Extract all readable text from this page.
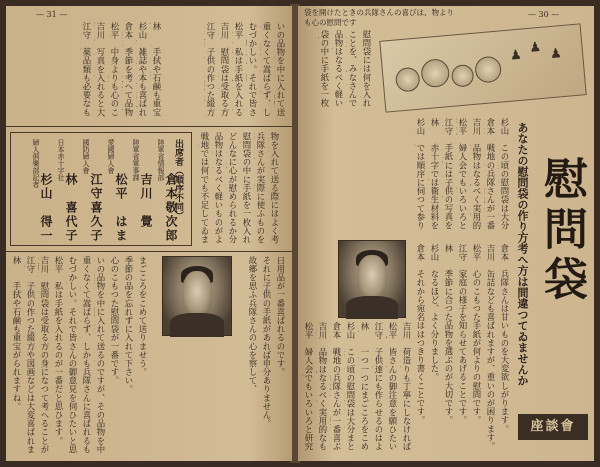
— 31 —
いの品物を中に入れて送
重くなくて嵩ばらず、し
むづかしい。それで皆さ
松平　私は手紙を入れる
吉川　慰問袋は受取る方
江守　子供の作つた綴方
林　　手拭や石鹸も重宝
杉山　雑誌や本も喜ばれ
倉本　季節を考へて品物
松平　中身よりも心のこ
吉川　写真を入れると大
江守　薬品類も必要なも
出席者（順序不同）
陸軍省情報部
倉本敬次郎
陸軍省軍事課
吉川　覺
愛國婦人會
松平　はま
國防婦人會
江守喜久子
日本赤十字社
林　喜代子
婦人俱樂部記者
杉山　得一
物を入れて送る際にはよく考
兵隊さんが実際に使ふものを
慰問袋の中に手紙を一枚入れ
どんなに心が慰められるか分
品物はなるべく軽いものがよ
戦地では何でも不足してゐま
日用品が一番喜ばれるのです。
それに子供の手紙があれば申分ありません。
故郷を思ふ兵隊さんの心を察して、
まごころをこめて送りませう。
季節の品を忘れずに入れて下さい。
心のこもつた慰問袋が一番です。
いの品物を中に入れて送るのですが、その品物を中
重くなくて嵩ばらず、しかも兵隊さんに喜ばれるも
むづかしい。それで皆さんの御意見を伺ひたいと思
松平　私は手紙を入れるのが一番だと思ひます。
吉川　慰問袋は受取る方の身になつて考へることが
江守　子供の作つた綴方や図画などは大変喜ばれま
林　　手拭や石鹸も重宝がられますね。
— 30 —
慰問袋には何を入れ
ことを、みなさんで
品物はなるべく軽い
袋の中に手紙を一枚
♟ ♟ ♟
袋を開けたときの兵隊さんの喜びは、物よりも心の慰問です
あなたの慰問袋の作り方考へ方は間違つてゐませんか 慰問袋
座談會
杉山　この頃の慰問袋は大分
倉本　戦地の兵隊さんが一番
吉川　品物はなるべく実用的
松平　婦人会でもいろいろと
江守　手紙には子供の写真を
林　　赤十字では衛生材料を
杉山　では順序に伺つて参り
倉本　兵隊さんは甘いものを大変欲しがります。
吉川　缶詰なども喜ばれますが、重いのが困ります。
松平　心のこもつた手紙が何よりの慰問です。
江守　家庭の様子を知らせてあげることです。
林　　季節に合つた品物を選ぶのが大切です。
杉山　なるほど、よく分りました。
倉本　それから宛名ははつきり書くことです。
吉川　荷造りも丁寧にしなければ
松平　皆さんの御注意を願ひたい
江守　子供達にも作らせるのはよ
林　　一つ一つにまごころをこめ
杉山　この頃の慰問袋は大分まと
倉本　戦地の兵隊さんが一番喜ぶ
吉川　品物はなるべく実用的なも
松平　婦人会でもいろいろと研究
